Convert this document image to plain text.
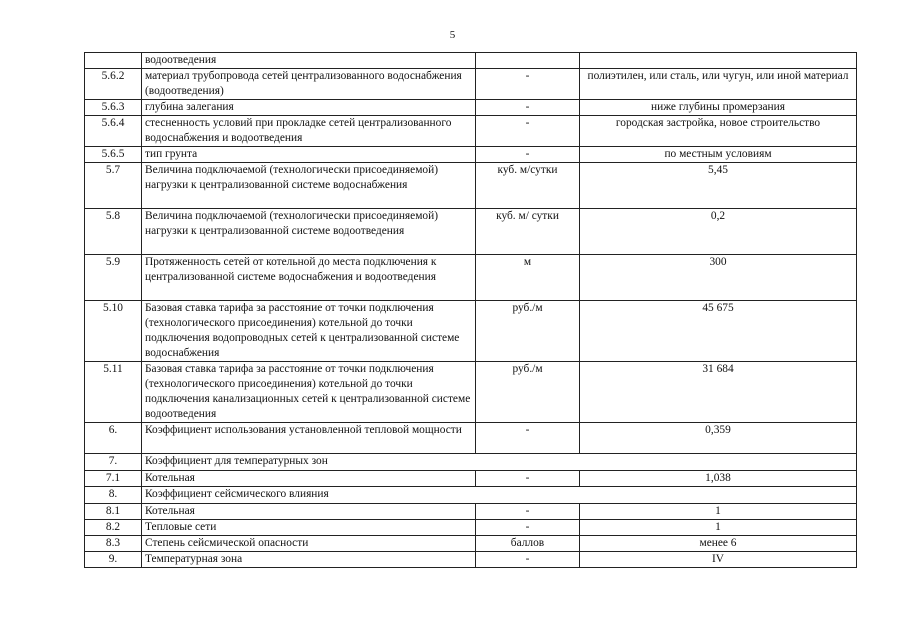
5
	водоотведения		
5.6.2	материал трубопровода сетей централизованного водоснабжения (водоотведения)	-	полиэтилен, или сталь, или чугун, или иной материал
5.6.3	глубина залегания	-	ниже глубины промерзания
5.6.4	стесненность условий при прокладке сетей централизованного водоснабжения и водоотведения	-	городская застройка, новое строительство
5.6.5	тип грунта	-	по местным условиям
5.7	Величина подключаемой (технологически присоединяемой) нагрузки к централизованной системе водоснабжения	куб. м/сутки	5,45
5.8	Величина подключаемой (технологически присоединяемой) нагрузки к централизованной системе водоотведения	куб. м/ сутки	0,2
5.9	Протяженность сетей от котельной до места подключения к централизованной системе водоснабжения и водоотведения	м	300
5.10	Базовая ставка тарифа за расстояние от точки подключения (технологического присоединения) котельной до точки подключения водопроводных сетей к централизованной системе водоснабжения	руб./м	45 675
5.11	Базовая ставка тарифа за расстояние от точки подключения (технологического присоединения) котельной до точки подключения канализационных сетей к централизованной системе водоотведения	руб./м	31 684
6.	Коэффициент использования установленной тепловой мощности	-	0,359
7.	Коэффициент для температурных зон		
7.1	Котельная	-	1,038
8.	Коэффициент сейсмического влияния		
8.1	Котельная	-	1
8.2	Тепловые сети	-	1
8.3	Степень сейсмической опасности	баллов	менее 6
9.	Температурная зона	-	IV
